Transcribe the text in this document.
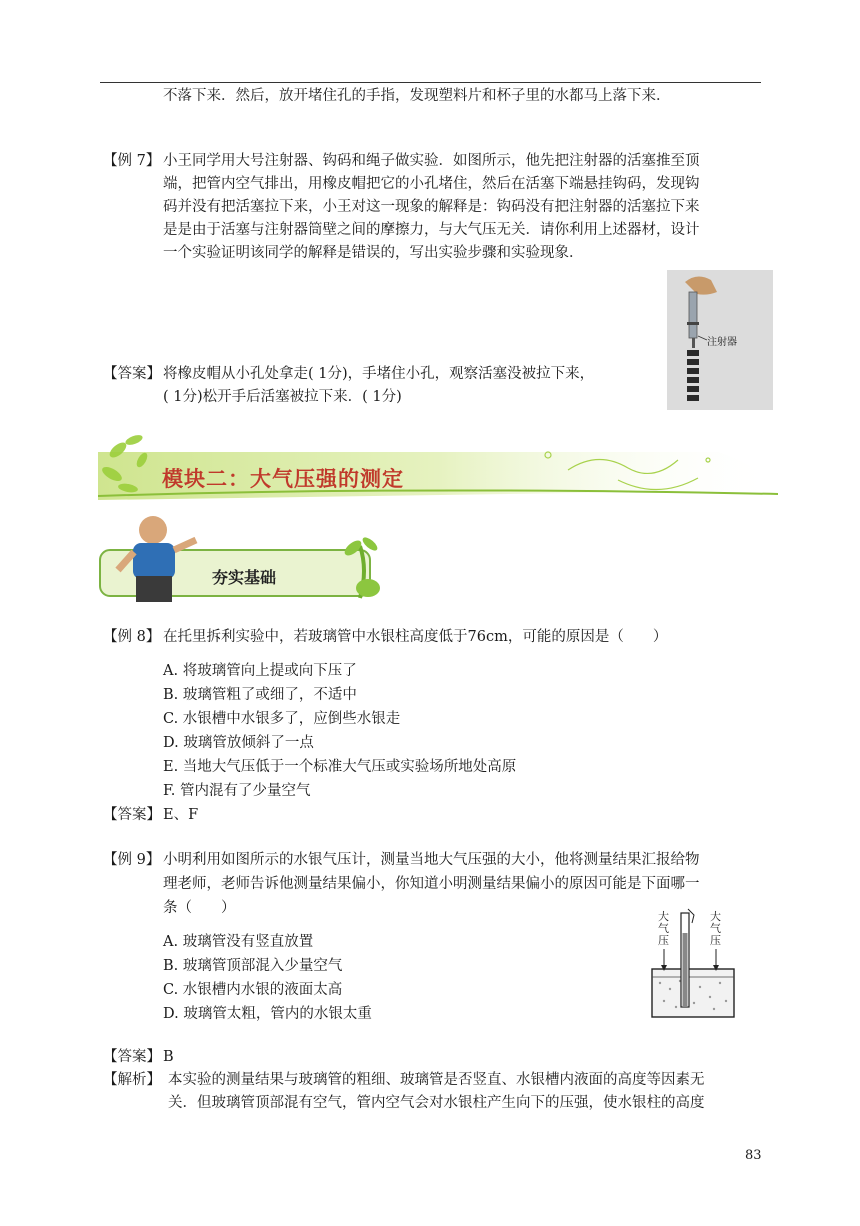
不落下来．然后，放开堵住孔的手指，发现塑料片和杯子里的水都马上落下来．
【例 7】 小王同学用大号注射器、钩码和绳子做实验．如图所示，他先把注射器的活塞推至顶
端，把管内空气排出，用橡皮帽把它的小孔堵住，然后在活塞下端悬挂钩码，发现钩
码并没有把活塞拉下来，小王对这一现象的解释是：钩码没有把注射器的活塞拉下来
是是由于活塞与注射器筒壁之间的摩擦力，与大气压无关．请你利用上述器材，设计
一个实验证明该同学的解释是错误的，写出实验步骤和实验现象．
注射器
【答案】 将橡皮帽从小孔处拿走( 1分)，手堵住小孔，观察活塞没被拉下来，
( 1分)松开手后活塞被拉下来．( 1分)
模块二：大气压强的测定
夯实基础
【例 8】 在托里拆利实验中，若玻璃管中水银柱高度低于76cm，可能的原因是（　　）
A. 将玻璃管向上提或向下压了
B. 玻璃管粗了或细了，不适中
C. 水银槽中水银多了，应倒些水银走
D. 玻璃管放倾斜了一点
E. 当地大气压低于一个标准大气压或实验场所地处高原
F. 管内混有了少量空气
【答案】 E、F
【例 9】 小明利用如图所示的水银气压计，测量当地大气压强的大小，他将测量结果汇报给物
理老师，老师告诉他测量结果偏小，你知道小明测量结果偏小的原因可能是下面哪一
条（　　）
A. 玻璃管没有竖直放置
B. 玻璃管顶部混入少量空气
C. 水银槽内水银的液面太高
D. 玻璃管太粗，管内的水银太重
大气压
大气压
【答案】 B
【解析】 本实验的测量结果与玻璃管的粗细、玻璃管是否竖直、水银槽内液面的高度等因素无
关．但玻璃管顶部混有空气，管内空气会对水银柱产生向下的压强，使水银柱的高度
83
